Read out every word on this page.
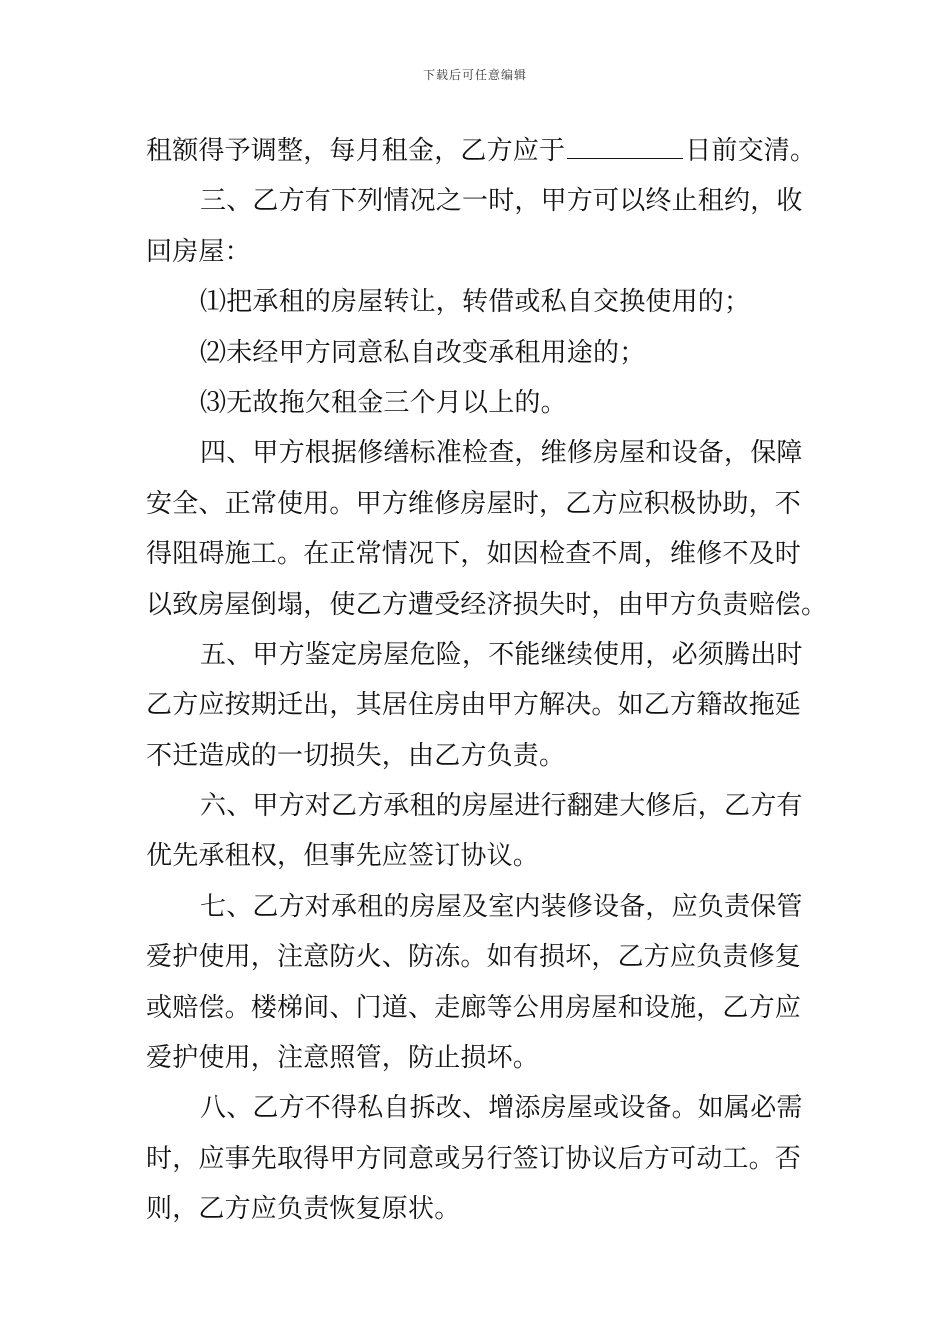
下载后可任意编辑
租额得予调整，每月租金，乙方应于	日前交清。
三、乙方有下列情况之一时，甲方可以终止租约，收
回房屋：
⑴把承租的房屋转让，转借或私自交换使用的；
⑵未经甲方同意私自改变承租用途的；
⑶无故拖欠租金三个月以上的。
四、甲方根据修缮标准检查，维修房屋和设备，保障
安全、正常使用。甲方维修房屋时，乙方应积极协助，不
得阻碍施工。在正常情况下，如因检查不周，维修不及时
以致房屋倒塌，使乙方遭受经济损失时，由甲方负责赔偿。
五、甲方鉴定房屋危险，不能继续使用，必须腾出时
乙方应按期迁出，其居住房由甲方解决。如乙方籍故拖延
不迁造成的一切损失，由乙方负责。
六、甲方对乙方承租的房屋进行翻建大修后，乙方有
优先承租权，但事先应签订协议。
七、乙方对承租的房屋及室内装修设备，应负责保管
爱护使用，注意防火、防冻。如有损坏，乙方应负责修复
或赔偿。楼梯间、门道、走廊等公用房屋和设施，乙方应
爱护使用，注意照管，防止损坏。
八、乙方不得私自拆改、增添房屋或设备。如属必需
时，应事先取得甲方同意或另行签订协议后方可动工。否
则，乙方应负责恢复原状。
